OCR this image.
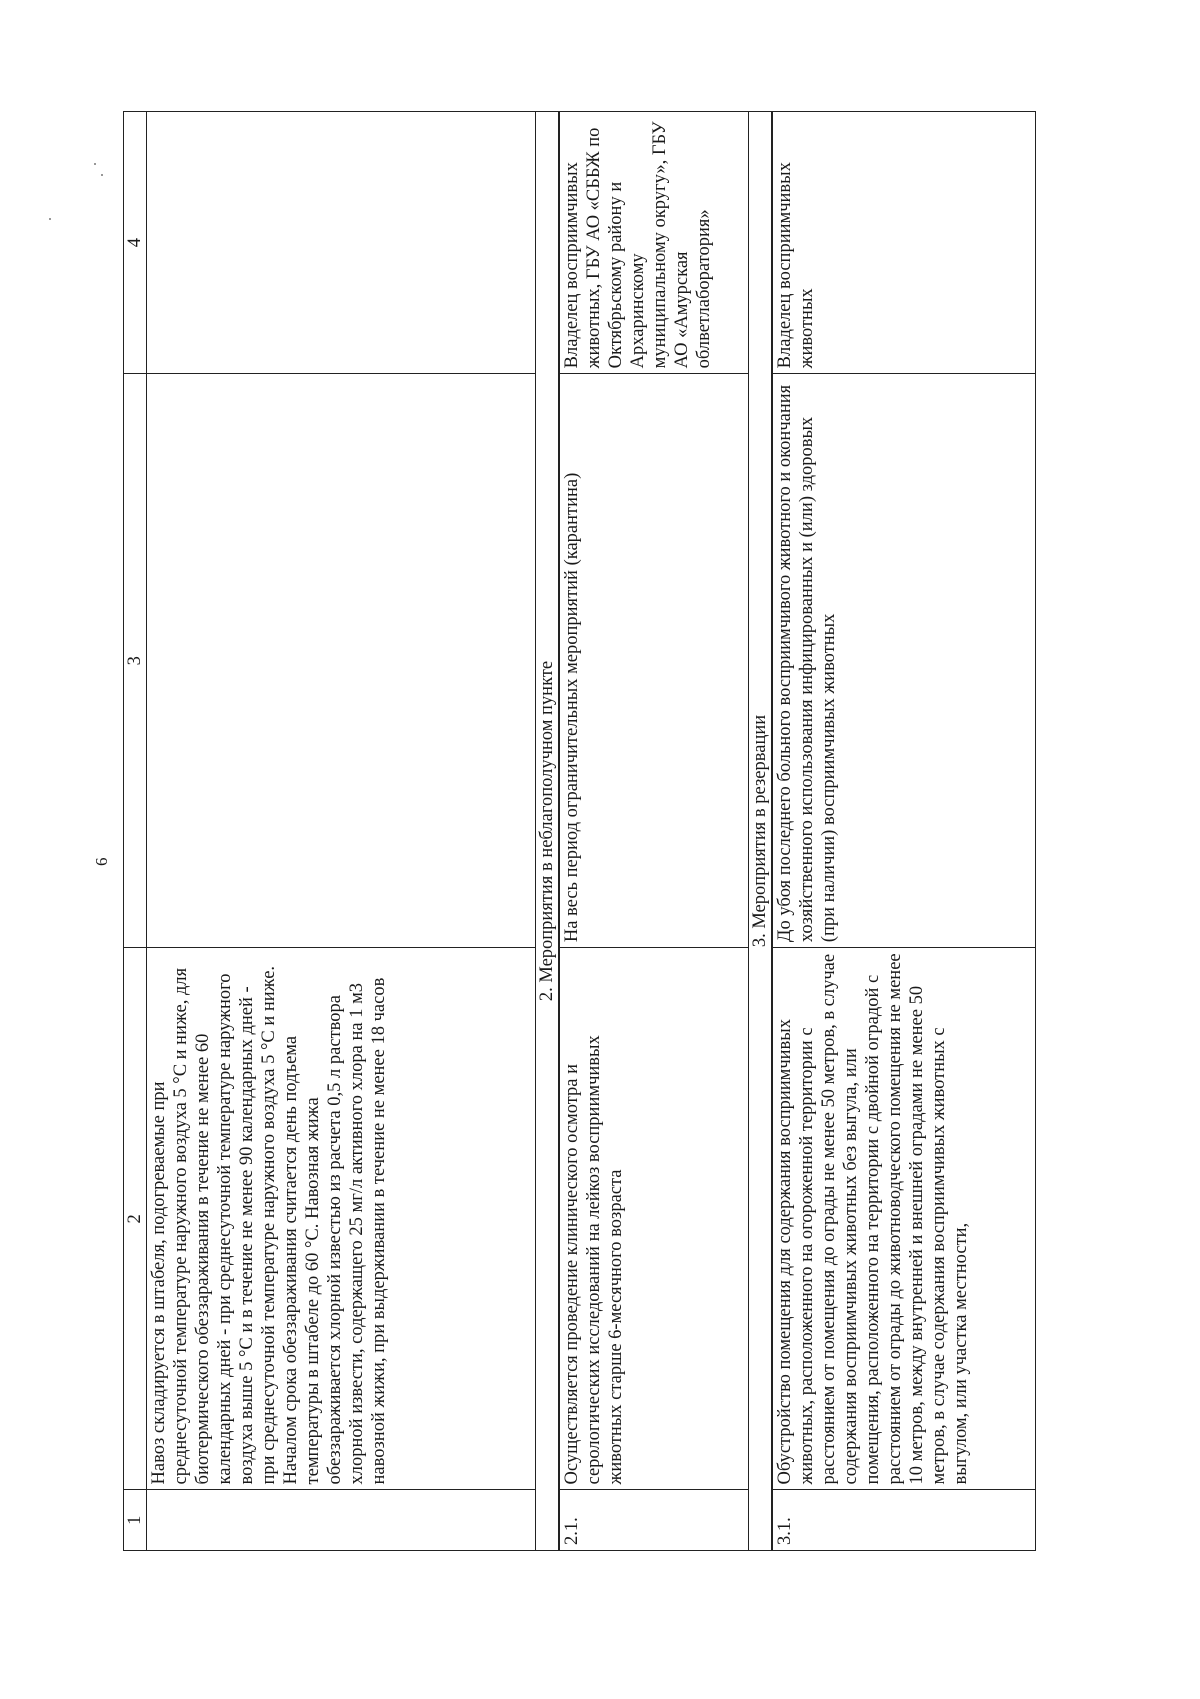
6
1	2	3	4
	Навоз складируется в штабеля, подогреваемые при среднесуточной температуре наружного воздуха 5 °С и ниже, для биотермического обеззараживания в течение не менее 60 календарных дней - при среднесуточной температуре наружного воздуха выше 5 °С и в течение не менее 90 календарных дней - при среднесуточной температуре наружного воздуха 5 °С и ниже. Началом срока обеззараживания считается день подъема температуры в штабеле до 60 °С. Навозная жижа обеззараживается хлорной известью из расчета 0,5 л раствора хлорной извести, содержащего 25 мг/л активного хлора на 1 м3 навозной жижи, при выдерживании в течение не менее 18 часов		
2. Мероприятия в неблагополучном пункте			
2.1.	Осуществляется проведение клинического осмотра и серологических исследований на лейкоз восприимчивых животных старше 6-месячного возраста	На весь период ограничительных мероприятий (карантина)	Владелец восприимчивых животных, ГБУ АО «СББЖ по Октябрьскому району и Архаринскому муниципальному округу», ГБУ АО «Амурская облветлаборатория»
3. Мероприятия в резервации			
3.1.	Обустройство помещения для содержания восприимчивых животных, расположенного на огороженной территории с расстоянием от помещения до ограды не менее 50 метров, в случае содержания восприимчивых животных без выгула, или помещения, расположенного на территории с двойной оградой с расстоянием от ограды до животноводческого помещения не менее 10 метров, между внутренней и внешней оградами не менее 50 метров, в случае содержания восприимчивых животных с выгулом, или участка местности,	До убоя последнего больного восприимчивого животного и окончания хозяйственного использования инфицированных и (или) здоровых (при наличии) восприимчивых животных	Владелец восприимчивых животных
